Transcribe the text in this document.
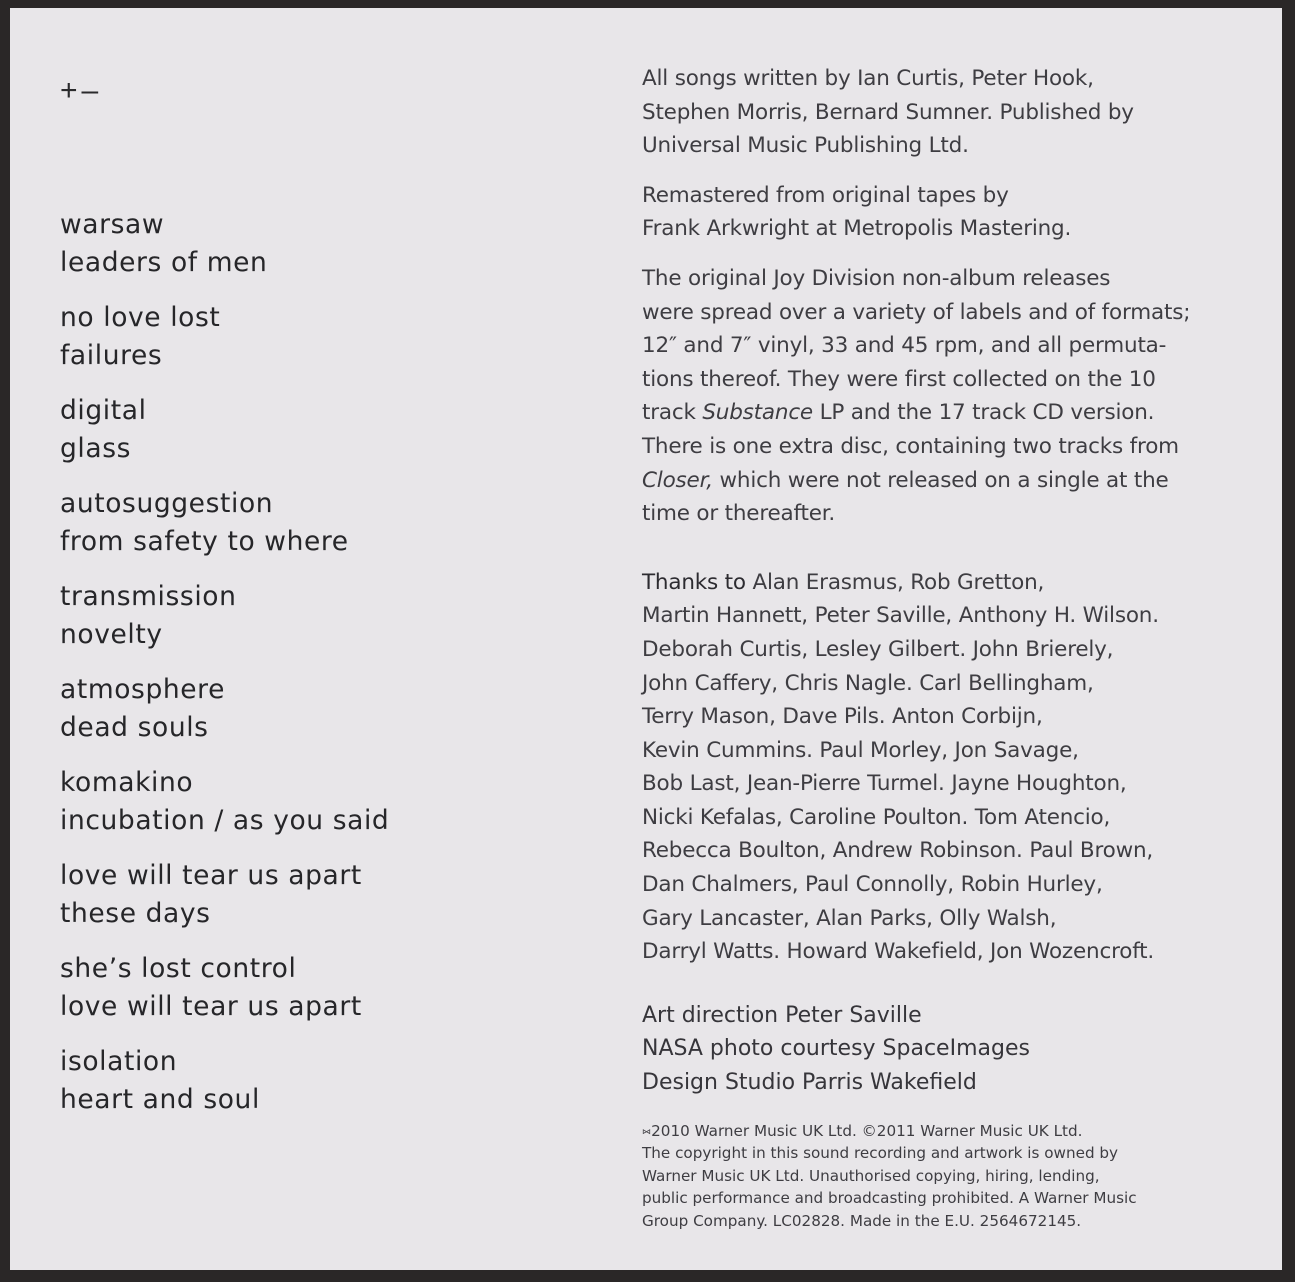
+–
warsaw
leaders of men
no love lost
failures
digital
glass
autosuggestion
from safety to where
transmission
novelty
atmosphere
dead souls
komakino
incubation / as you said
love will tear us apart
these days
she’s lost control
love will tear us apart
isolation
heart and soul
All songs written by Ian Curtis, Peter Hook,
Stephen Morris, Bernard Sumner. Published by
Universal Music Publishing Ltd.
Remastered from original tapes by
Frank Arkwright at Metropolis Mastering.
The original Joy Division non-album releases
were spread over a variety of labels and of formats;
12″ and 7″ vinyl, 33 and 45 rpm, and all permuta-
tions thereof. They were first collected on the 10
track Substance LP and the 17 track CD version.
There is one extra disc, containing two tracks from
Closer, which were not released on a single at the
time or thereafter.
Thanks to Alan Erasmus, Rob Gretton,
Martin Hannett, Peter Saville, Anthony H. Wilson.
Deborah Curtis, Lesley Gilbert. John Brierely,
John Caffery, Chris Nagle. Carl Bellingham,
Terry Mason, Dave Pils. Anton Corbijn,
Kevin Cummins. Paul Morley, Jon Savage,
Bob Last, Jean-Pierre Turmel. Jayne Houghton,
Nicki Kefalas, Caroline Poulton. Tom Atencio,
Rebecca Boulton, Andrew Robinson. Paul Brown,
Dan Chalmers, Paul Connolly, Robin Hurley,
Gary Lancaster, Alan Parks, Olly Walsh,
Darryl Watts. Howard Wakefield, Jon Wozencroft.
Art direction Peter Saville
NASA photo courtesy SpaceImages
Design Studio Parris Wakefield
⑅2010 Warner Music UK Ltd. ©2011 Warner Music UK Ltd.
The copyright in this sound recording and artwork is owned by
Warner Music UK Ltd. Unauthorised copying, hiring, lending,
public performance and broadcasting prohibited. A Warner Music
Group Company. LC02828. Made in the E.U. 2564672145.
